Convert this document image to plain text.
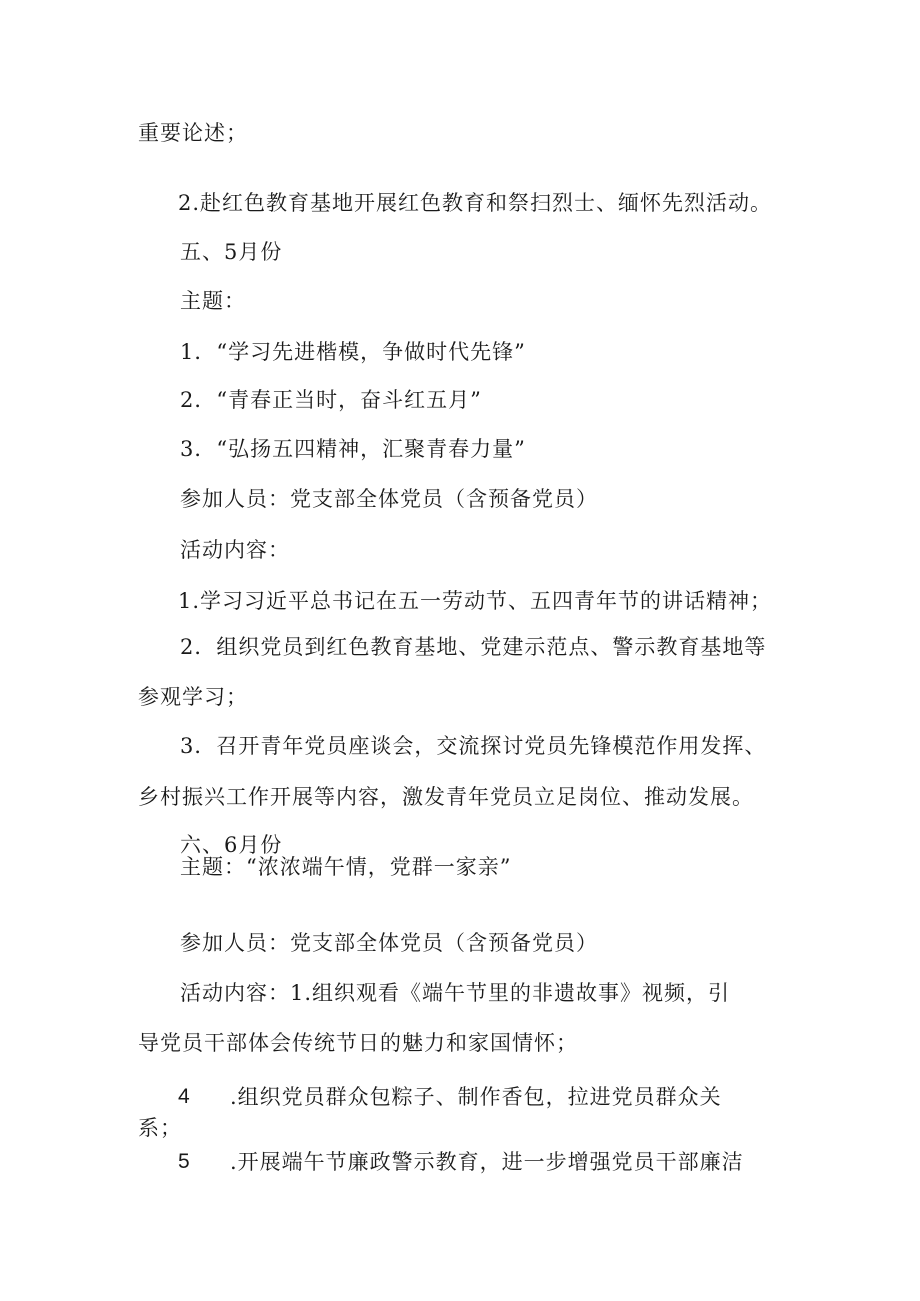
重要论述；
2.赴红色教育基地开展红色教育和祭扫烈士、缅怀先烈活动。
五、5月份
主题：
1．“学习先进楷模，争做时代先锋”
2．“青春正当时，奋斗红五月”
3．“弘扬五四精神，汇聚青春力量”
参加人员：党支部全体党员（含预备党员）
活动内容：
1.学习习近平总书记在五一劳动节、五四青年节的讲话精神；
2．组织党员到红色教育基地、党建示范点、警示教育基地等
参观学习；
3．召开青年党员座谈会，交流探讨党员先锋模范作用发挥、
乡村振兴工作开展等内容，激发青年党员立足岗位、推动发展。
六、6月份
主题：“浓浓端午情，党群一家亲”
参加人员：党支部全体党员（含预备党员）
活动内容：1.组织观看《端午节里的非遗故事》视频，引
导党员干部体会传统节日的魅力和家国情怀；
4 .组织党员群众包粽子、制作香包，拉进党员群众关
系；
5 .开展端午节廉政警示教育，进一步增强党员干部廉洁
